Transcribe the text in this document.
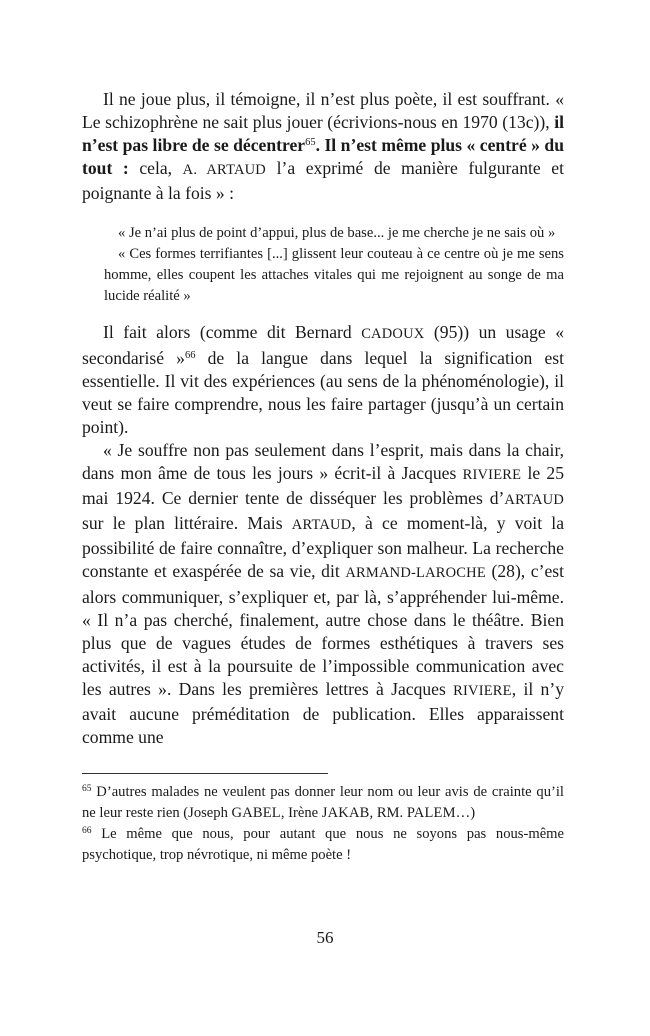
Il ne joue plus, il témoigne, il n’est plus poète, il est souffrant. « Le schizophrène ne sait plus jouer (écrivions-nous en 1970 (13c)), il n’est pas libre de se décentrer$^{65}$. Il n’est même plus « centré » du tout : cela, A. ARTAUD l’a exprimé de manière fulgurante et poignante à la fois » :

« Je n’ai plus de point d’appui, plus de base... je me cherche je ne sais où »

« Ces formes terrifiantes [...] glissent leur couteau à ce centre où je me sens homme, elles coupent les attaches vitales qui me rejoignent au songe de ma lucide réalité »

Il fait alors (comme dit Bernard CADOUX (95)) un usage « secondarisé »$^{66}$ de la langue dans lequel la signification est essentielle. Il vit des expériences (au sens de la phénoménologie), il veut se faire comprendre, nous les faire partager (jusqu’à un certain point).

« Je souffre non pas seulement dans l’esprit, mais dans la chair, dans mon âme de tous les jours » écrit-il à Jacques RIVIERE le 25 mai 1924. Ce dernier tente de disséquer les problèmes d’ARTAUD sur le plan littéraire. Mais ARTAUD, à ce moment-là, y voit la possibilité de faire connaître, d’expliquer son malheur. La recherche constante et exaspérée de sa vie, dit ARMAND-LAROCHE (28), c’est alors communiquer, s’expliquer et, par là, s’appréhender lui-même. « Il n’a pas cherché, finalement, autre chose dans le théâtre. Bien plus que de vagues études de formes esthétiques à travers ses activités, il est à la poursuite de l’impossible communication avec les autres ». Dans les premières lettres à Jacques RIVIERE, il n’y avait aucune préméditation de publication. Elles apparaissent comme une

$^{65}$ D’autres malades ne veulent pas donner leur nom ou leur avis de crainte qu’il ne leur reste rien (Joseph GABEL, Irène JAKAB, RM. PALEM…)

$^{66}$ Le même que nous, pour autant que nous ne soyons pas nous-même psychotique, trop névrotique, ni même poète !

56
